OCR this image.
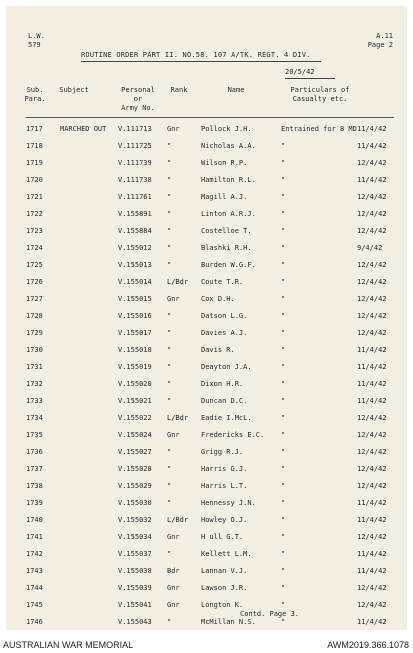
L.W.
579
A.11
Page 2
ROUTINE ORDER PART II. NO.58. 107 A/TK. REGT. 4 DIV.
20/5/42
Sub.
Para.
Subject	Personal
or
Army No.
Rank	Name	Particulars of
Casualty etc.
1717 MARCHED OUT V.111713 Gnr	Pollock J.H.	Entrained for 8 MD 11/4/42
1718	V.111725 "	Nicholas A.A.	"	11/4/42
1719	V.111739 "	Wilson R.P.	"	12/4/42
1720	V.111738 "	Hamilton R.L.	"	11/4/42
1721	V.111761 "	Magill A.J.	"	12/4/42
1722	V.155891 "	Linton A.R.J.	"	12/4/42
1723	V.155884 "	Costelloe T.	"	12/4/42
1724	V.155012 "	Blashki R.H.	"	9/4/42
1725	V.155013 "	Burden W.G.F.	"	12/4/42
1726	V.155014 L/Bdr Coute T.R.	"	12/4/42
1727	V.155015 Gnr	Cox D.H.	"	12/4/42
1728	V.155016 "	Datson L.G.	"	12/4/42
1729	V.155017 "	Davies A.J.	"	12/4/42
1730	V.155018 "	Davis R.	"	11/4/42
1731	V.155019 "	Deayton J.A.	"	11/4/42
1732	V.155020 "	Dixon H.R.	"	11/4/42
1733	V.155021 "	Duncan D.C.	"	11/4/42
1734	V.155022 L/Bdr Eadie I.McL.	"	12/4/42
1735	V.155024 Gnr	Fredericks E.C. "	12/4/42
1736	V.155027 "	Grigg R.J.	"	12/4/42
1737	V.155028 "	Harris G.J.	"	12/4/42
1738	V.155029 "	Harris L.T.	"	12/4/42
1739	V.155030 "	Hennessy J.N.	"	11/4/42
1740	V.155032 L/Bdr Howley O.J.	"	11/4/42
1741	V.155034 Gnr	H ull G.T.	"	12/4/42
1742	V.155037 "	Kellett L.M.	"	11/4/42
1743	V.155038 Bdr	Lannan V.J.	"	11/4/42
1744	V.155039 Gnr	Lawson J.R.	"	12/4/42
1745	V.155041 Gnr	Longton K.	"	12/4/42
1746	V.155043 "	McMillan N.S.	"	11/4/42
Contd. Page 3.
AUSTRALIAN WAR MEMORIAL	AWM2019.366.1078
